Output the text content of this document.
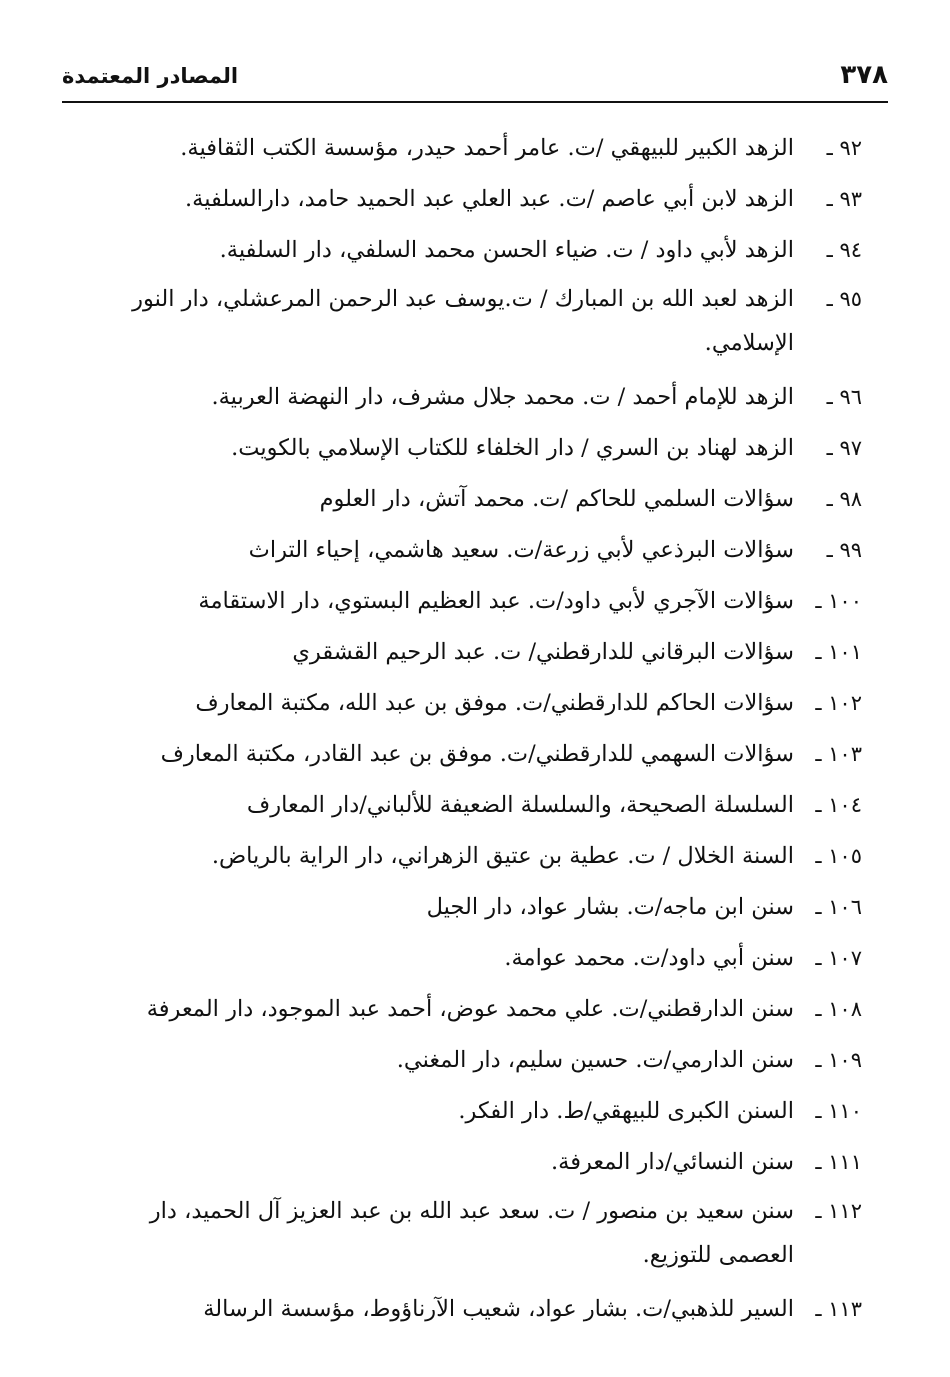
٣٧٨
المصادر المعتمدة
٩٢ ـ
الزهد الكبير للبيهقي /ت. عامر أحمد حيدر، مؤسسة الكتب الثقافية.
٩٣ ـ
الزهد لابن أبي عاصم /ت. عبد العلي عبد الحميد حامد، دارالسلفية.
٩٤ ـ
الزهد لأبي داود / ت. ضياء الحسن محمد السلفي، دار السلفية.
٩٥ ـ
الزهد لعبد الله بن المبارك / ت.يوسف عبد الرحمن المرعشلي، دار النور الإسلامي.
٩٦ ـ
الزهد للإمام أحمد / ت. محمد جلال مشرف، دار النهضة العربية.
٩٧ ـ
الزهد لهناد بن السري / دار الخلفاء للكتاب الإسلامي بالكويت.
٩٨ ـ
سؤالات السلمي للحاكم /ت. محمد آتش، دار العلوم
٩٩ ـ
سؤالات البرذعي لأبي زرعة/ت. سعيد هاشمي، إحياء التراث
١٠٠ ـ
سؤالات الآجري لأبي داود/ت. عبد العظيم البستوي، دار الاستقامة
١٠١ ـ
سؤالات البرقاني للدارقطني/ ت. عبد الرحيم القشقري
١٠٢ ـ
سؤالات الحاكم للدارقطني/ت. موفق بن عبد الله، مكتبة المعارف
١٠٣ ـ
سؤالات السهمي للدارقطني/ت. موفق بن عبد القادر، مكتبة المعارف
١٠٤ ـ
السلسلة الصحيحة، والسلسلة الضعيفة للألباني/دار المعارف
١٠٥ ـ
السنة الخلال / ت. عطية بن عتيق الزهراني، دار الراية بالرياض.
١٠٦ ـ
سنن ابن ماجه/ت. بشار عواد، دار الجيل
١٠٧ ـ
سنن أبي داود/ت. محمد عوامة.
١٠٨ ـ
سنن الدارقطني/ت. علي محمد عوض، أحمد عبد الموجود، دار المعرفة
١٠٩ ـ
سنن الدارمي/ت. حسين سليم، دار المغني.
١١٠ ـ
السنن الكبرى للبيهقي/ط. دار الفكر.
١١١ ـ
سنن النسائي/دار المعرفة.
١١٢ ـ
سنن سعيد بن منصور / ت. سعد عبد الله بن عبد العزيز آل الحميد، دار العصمى للتوزيع.
١١٣ ـ
السير للذهبي/ت. بشار عواد، شعيب الآرناؤوط، مؤسسة الرسالة
